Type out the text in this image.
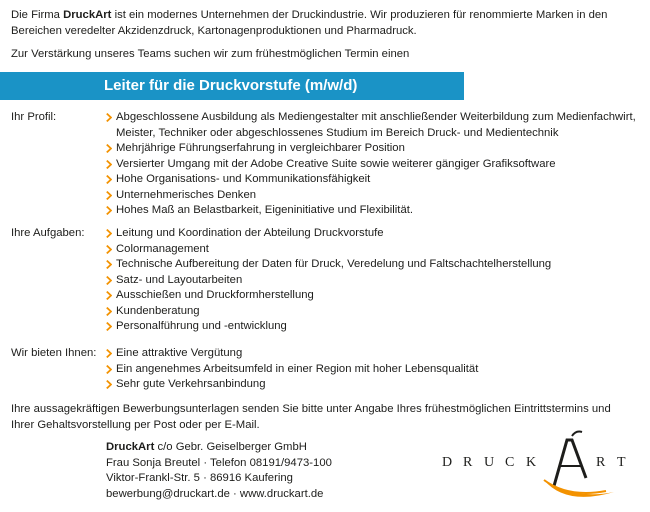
Die Firma DruckArt ist ein modernes Unternehmen der Druckindustrie. Wir produzieren für renommierte Marken in den Bereichen veredelter Akzidenzdruck, Kartonagenproduktionen und Pharmadruck.

Zur Verstärkung unseres Teams suchen wir zum frühestmöglichen Termin einen

Leiter für die Druckvorstufe (m/w/d)
Ihr Profil:	Abgeschlossene Ausbildung als Mediengestalter mit anschließender Weiterbildung zum Medienfachwirt, Meister, Techniker oder abgeschlossenes Studium im Bereich Druck- und Medientechnik
Mehrjährige Führungserfahrung in vergleichbarer Position
Versierter Umgang mit der Adobe Creative Suite sowie weiterer gängiger Grafiksoftware
Hohe Organisations- und Kommunikationsfähigkeit
Unternehmerisches Denken
Hohes Maß an Belastbarkeit, Eigeninitiative und Flexibilität.
Ihre Aufgaben:	Leitung und Koordination der Abteilung Druckvorstufe
Colormanagement
Technische Aufbereitung der Daten für Druck, Veredelung und Faltschachtelherstellung
Satz- und Layoutarbeiten
Ausschießen und Druckformherstellung
Kundenberatung
Personalführung und -entwicklung
Wir bieten Ihnen:	Eine attraktive Vergütung
Ein angenehmes Arbeitsumfeld in einer Region mit hoher Lebensqualität
Sehr gute Verkehrsanbindung

Ihre aussagekräftigen Bewerbungsunterlagen senden Sie bitte unter Angabe Ihres frühestmöglichen Eintrittstermins und Ihrer Gehaltsvorstellung per Post oder per E-Mail.

DruckArt c/o Gebr. Geiselberger GmbH
Frau Sonja Breutel · Telefon 08191/9473-100
Viktor-Frankl-Str. 5 · 86916 Kaufering
bewerbung@druckart.de · www.druckart.de
D R U C K	R T
